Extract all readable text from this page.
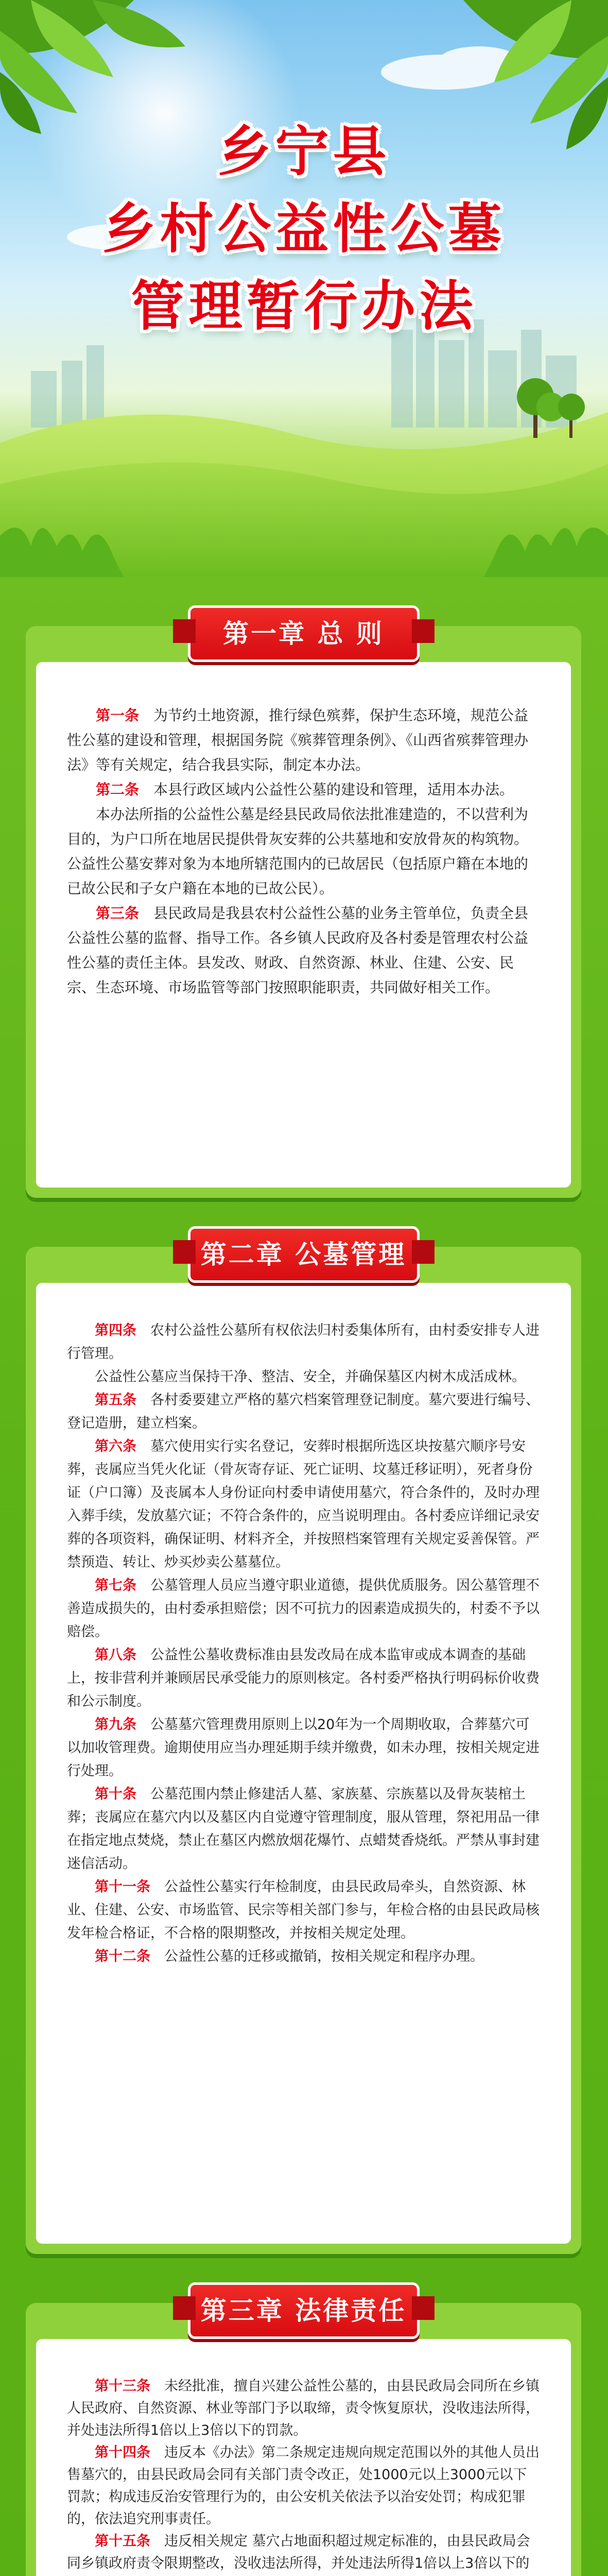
乡宁县
乡村公益性公墓
管理暂行办法
第一章 总 则

第一条　 为节约土地资源，推行绿色殡葬，保护生态环境，规范公益性公墓的建设和管理，根据国务院《殡葬管理条例》、《山西省殡葬管理办法》等有关规定，结合我县实际，制定本办法。

第二条　 本县行政区域内公益性公墓的建设和管理，适用本办法。

本办法所指的公益性公墓是经县民政局依法批准建造的，不以营利为目的，为户口所在地居民提供骨灰安葬的公共墓地和安放骨灰的构筑物。公益性公墓安葬对象为本地所辖范围内的已故居民（包括原户籍在本地的已故公民和子女户籍在本地的已故公民）。

第三条　 县民政局是我县农村公益性公墓的业务主管单位，负责全县公益性公墓的监督、指导工作。各乡镇人民政府及各村委是管理农村公益性公墓的责任主体。县发改、财政、自然资源、林业、住建、公安、民宗、生态环境、市场监管等部门按照职能职责，共同做好相关工作。

第二章 公墓管理

第四条　 农村公益性公墓所有权依法归村委集体所有，由村委安排专人进行管理。

公益性公墓应当保持干净、整洁、安全，并确保墓区内树木成活成林。

第五条　 各村委要建立严格的墓穴档案管理登记制度。墓穴要进行编号、登记造册，建立档案。

第六条　 墓穴使用实行实名登记，安葬时根据所选区块按墓穴顺序号安葬，丧属应当凭火化证（骨灰寄存证、死亡证明、坟墓迁移证明），死者身份证（户口簿）及丧属本人身份证向村委申请使用墓穴，符合条件的，及时办理入葬手续，发放墓穴证；不符合条件的，应当说明理由。各村委应详细记录安葬的各项资料，确保证明、材料齐全，并按照档案管理有关规定妥善保管。严禁预造、转让、炒买炒卖公墓墓位。

第七条　 公墓管理人员应当遵守职业道德，提供优质服务。因公墓管理不善造成损失的，由村委承担赔偿；因不可抗力的因素造成损失的，村委不予以赔偿。

第八条　 公益性公墓收费标准由县发改局在成本监审或成本调查的基础上，按非营利并兼顾居民承受能力的原则核定。各村委严格执行明码标价收费和公示制度。

第九条　 公墓墓穴管理费用原则上以20年为一个周期收取，合葬墓穴可以加收管理费。逾期使用应当办理延期手续并缴费，如未办理，按相关规定进行处理。

第十条　 公墓范围内禁止修建活人墓、家族墓、宗族墓以及骨灰装棺土葬；丧属应在墓穴内以及墓区内自觉遵守管理制度，服从管理，祭祀用品一律在指定地点焚烧，禁止在墓区内燃放烟花爆竹、点蜡焚香烧纸。严禁从事封建迷信活动。

第十一条　 公益性公墓实行年检制度，由县民政局牵头，自然资源、林业、住建、公安、市场监管、民宗等相关部门参与，年检合格的由县民政局核发年检合格证，不合格的限期整改，并按相关规定处理。

第十二条　 公益性公墓的迁移或撤销，按相关规定和程序办理。

第三章 法律责任

第十三条　 未经批准，擅自兴建公益性公墓的，由县民政局会同所在乡镇人民政府、自然资源、林业等部门予以取缔，责令恢复原状，没收违法所得，并处违法所得1倍以上3倍以下的罚款。

第十四条　 违反本《办法》第二条规定违规向规定范围以外的其他人员出售墓穴的，由县民政局会同有关部门责令改正，处1000元以上3000元以下罚款；构成违反治安管理行为的，由公安机关依法予以治安处罚；构成犯罪的，依法追究刑事责任。

第十五条　 违反相关规定 墓穴占地面积超过规定标准的，由县民政局会同乡镇政府责令限期整改，没收违法所得，并处违法所得1倍以上3倍以下的
